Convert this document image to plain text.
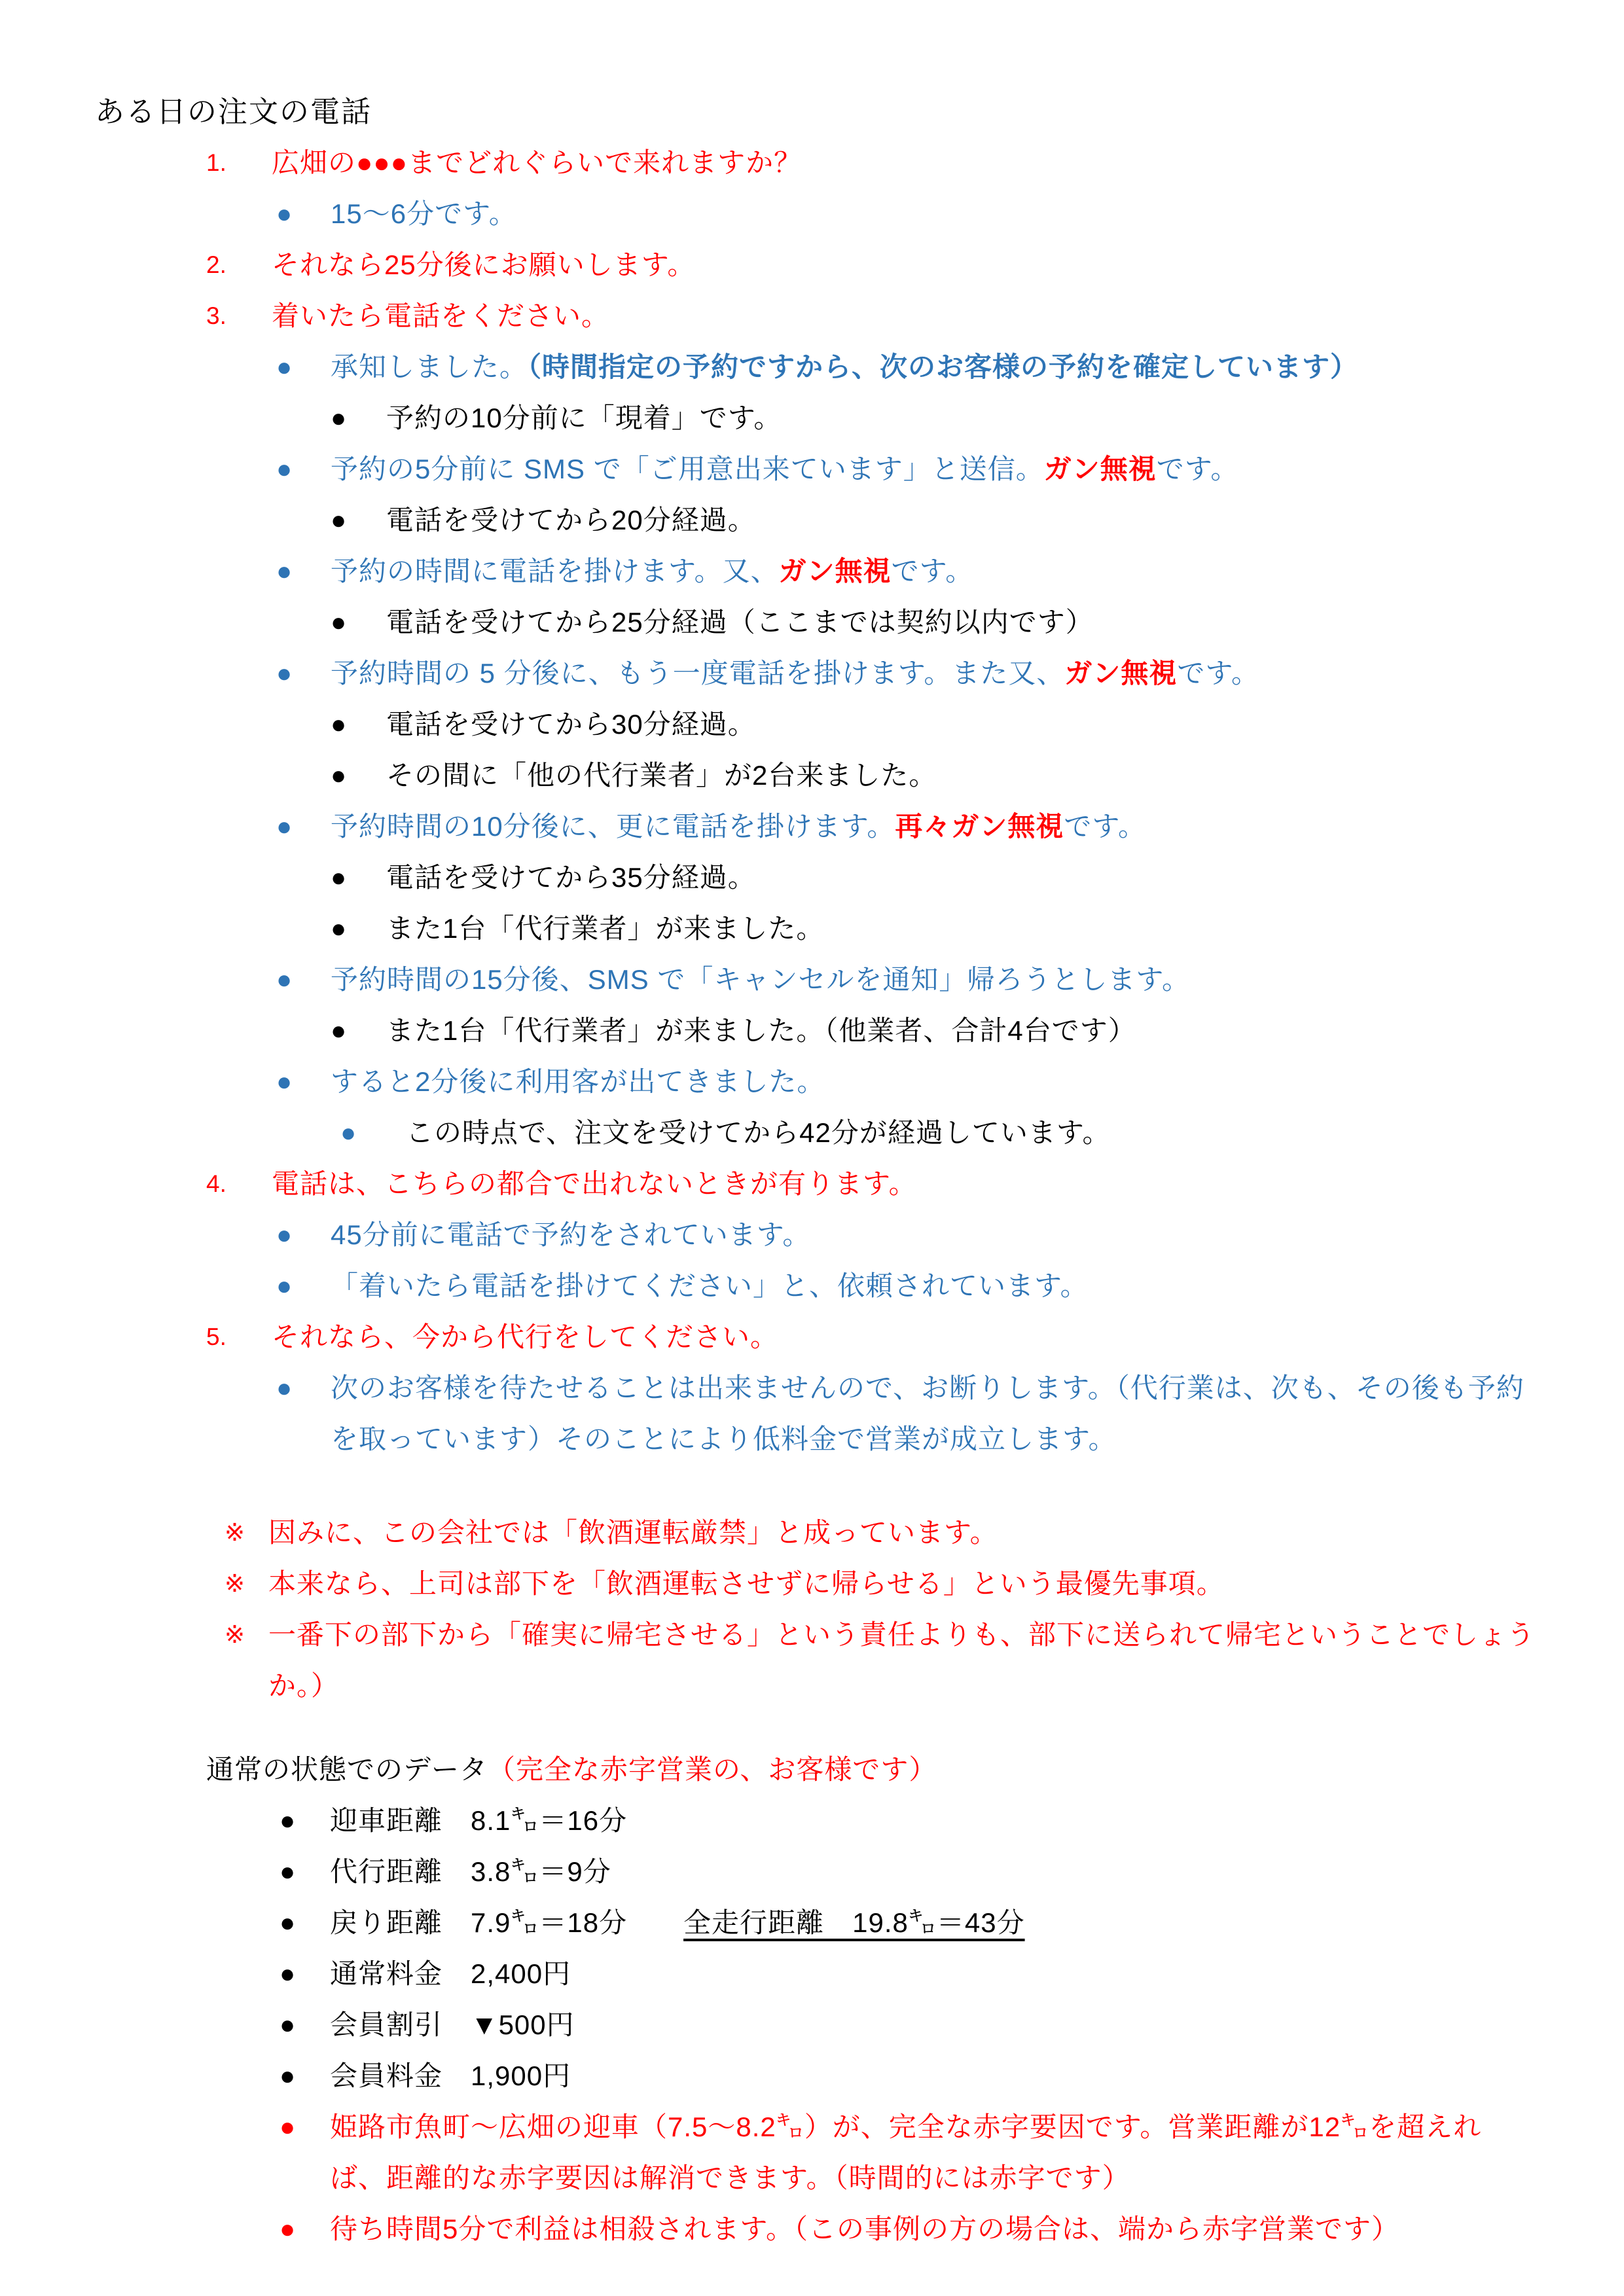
ある日の注文の電話
1.	広畑の●●●までどれぐらいで来れますか？
●	15～6分です。
2.	それなら25分後にお願いします。
3.	着いたら電話をください。
●	承知しました。（時間指定の予約ですから、次のお客様の予約を確定しています）
●	予約の10分前に「現着」です。
●	予約の5分前に SMS で「ご用意出来ています」と送信。ガン無視です。
●	電話を受けてから20分経過。
●	予約の時間に電話を掛けます。又、ガン無視です。
●	電話を受けてから25分経過（ここまでは契約以内です）
●	予約時間の 5 分後に、もう一度電話を掛けます。また又、ガン無視です。
●	電話を受けてから30分経過。
●	その間に「他の代行業者」が2台来ました。
●	予約時間の10分後に、更に電話を掛けます。再々ガン無視です。
●	電話を受けてから35分経過。
●	また1台「代行業者」が来ました。
●	予約時間の15分後、SMS で「キャンセルを通知」帰ろうとします。
●	また1台「代行業者」が来ました。（他業者、合計4台です）
●	すると2分後に利用客が出てきました。
●	この時点で、注文を受けてから42分が経過しています。
4.	電話は、こちらの都合で出れないときが有ります。
●	45分前に電話で予約をされています。
●	「着いたら電話を掛けてください」と、依頼されています。
5.	それなら、今から代行をしてください。
●	次のお客様を待たせることは出来ませんので、お断りします。（代行業は、次も、その後も予約を取っています）そのことにより低料金で営業が成立します。
※ 因みに、この会社では「飲酒運転厳禁」と成っています。
※ 本来なら、上司は部下を「飲酒運転させずに帰らせる」という最優先事項。
※ 一番下の部下から「確実に帰宅させる」という責任よりも、部下に送られて帰宅ということでしょうか。）
通常の状態でのデータ（完全な赤字営業の、お客様です）
●	迎車距離　8.1㌔＝16分
●	代行距離　3.8㌔＝9分
●	戻り距離　7.9㌔＝18分　　全走行距離　19.8㌔＝43分
●	通常料金　2,400円
●	会員割引　▼500円
●	会員料金　1,900円
●	姫路市魚町～広畑の迎車（7.5～8.2㌔）が、完全な赤字要因です。営業距離が12㌔を超えれば、距離的な赤字要因は解消できます。（時間的には赤字です）
●	待ち時間5分で利益は相殺されます。（この事例の方の場合は、端から赤字営業です）
